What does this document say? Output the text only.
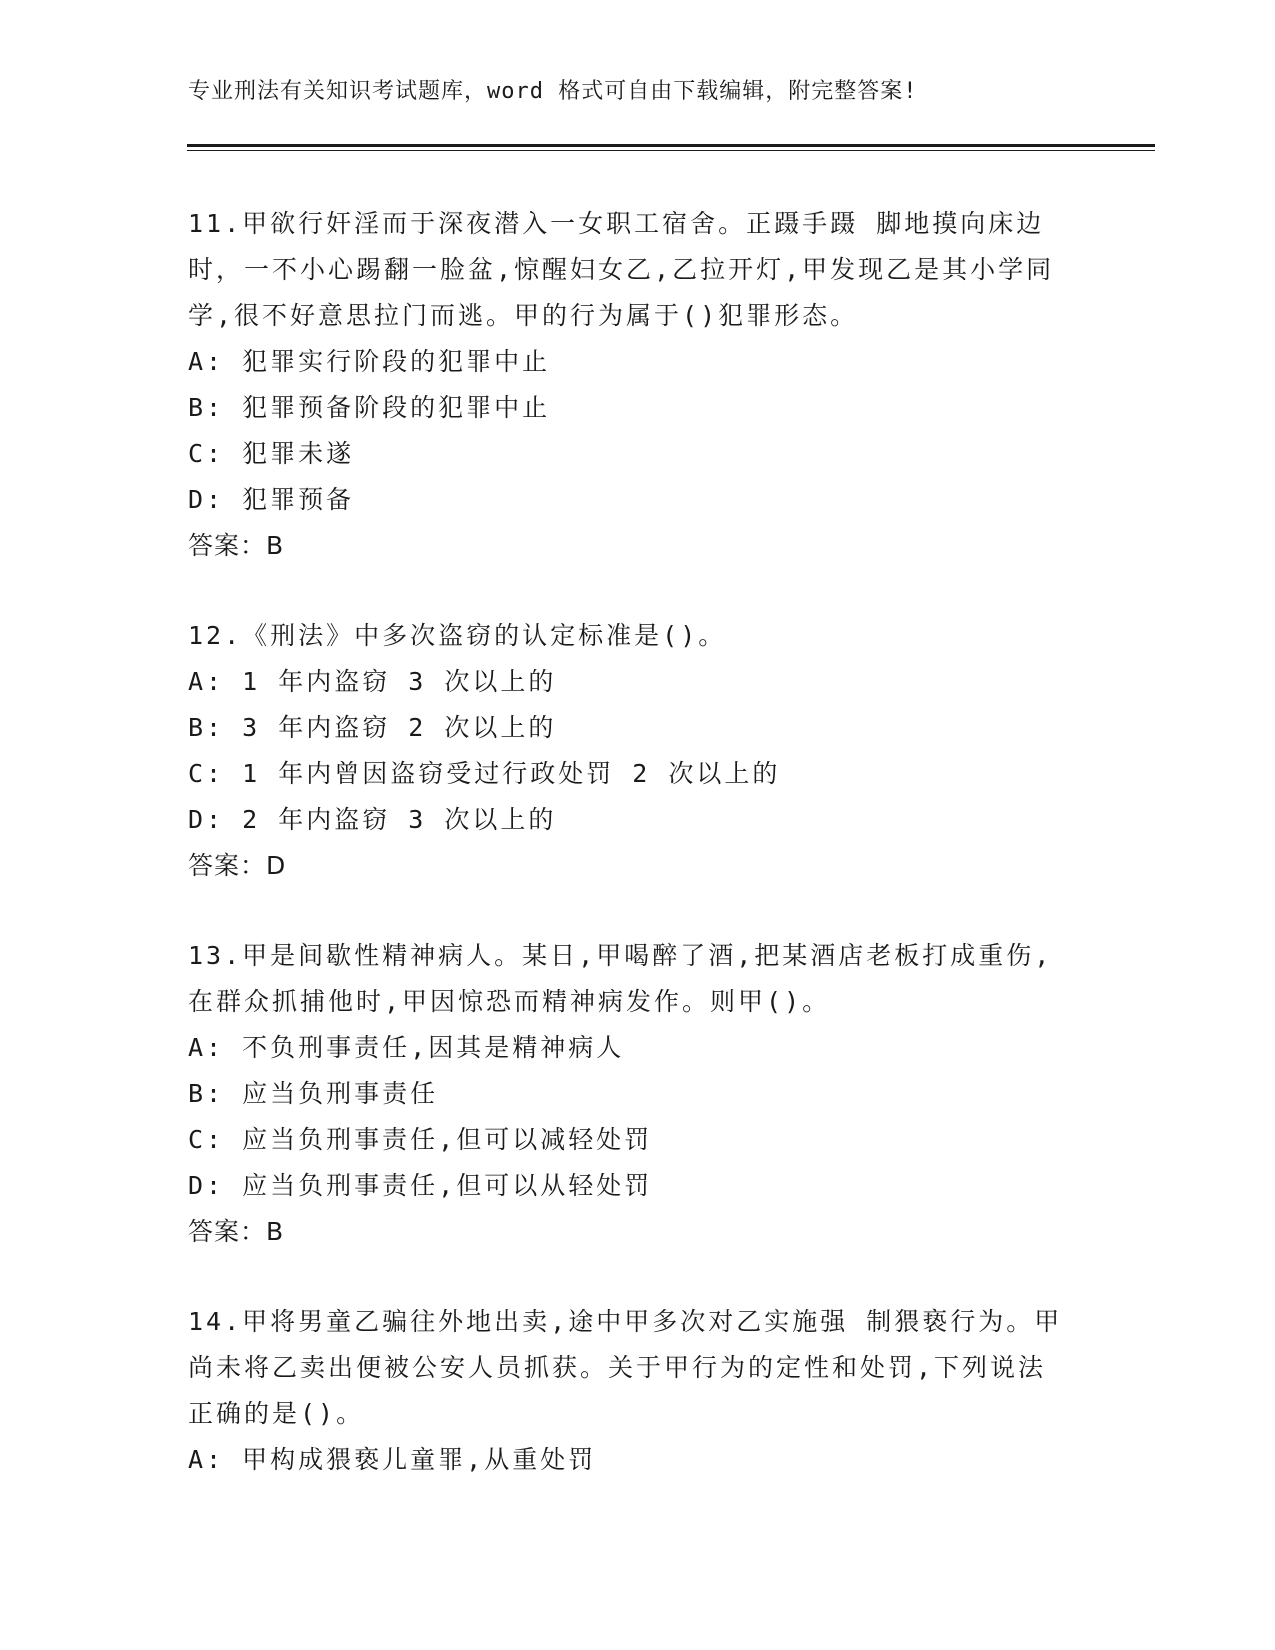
专业刑法有关知识考试题库，word 格式可自由下载编辑，附完整答案!
11.甲欲行奸淫而于深夜潜入一女职工宿舍。正蹑手蹑 脚地摸向床边
时，一不小心踢翻一脸盆,惊醒妇女乙,乙拉开灯,甲发现乙是其小学同
学,很不好意思拉门而逃。甲的行为属于()犯罪形态。
A: 犯罪实行阶段的犯罪中止
B: 犯罪预备阶段的犯罪中止
C: 犯罪未遂
D: 犯罪预备
答案：B
12.《刑法》中多次盗窃的认定标准是()。
A: 1 年内盗窃 3 次以上的
B: 3 年内盗窃 2 次以上的
C: 1 年内曾因盗窃受过行政处罚 2 次以上的
D: 2 年内盗窃 3 次以上的
答案：D
13.甲是间歇性精神病人。某日,甲喝醉了酒,把某酒店老板打成重伤,
在群众抓捕他时,甲因惊恐而精神病发作。则甲()。
A: 不负刑事责任,因其是精神病人
B: 应当负刑事责任
C: 应当负刑事责任,但可以减轻处罚
D: 应当负刑事责任,但可以从轻处罚
答案：B
14.甲将男童乙骗往外地出卖,途中甲多次对乙实施强 制猥亵行为。甲
尚未将乙卖出便被公安人员抓获。关于甲行为的定性和处罚,下列说法
正确的是()。
A: 甲构成猥亵儿童罪,从重处罚
